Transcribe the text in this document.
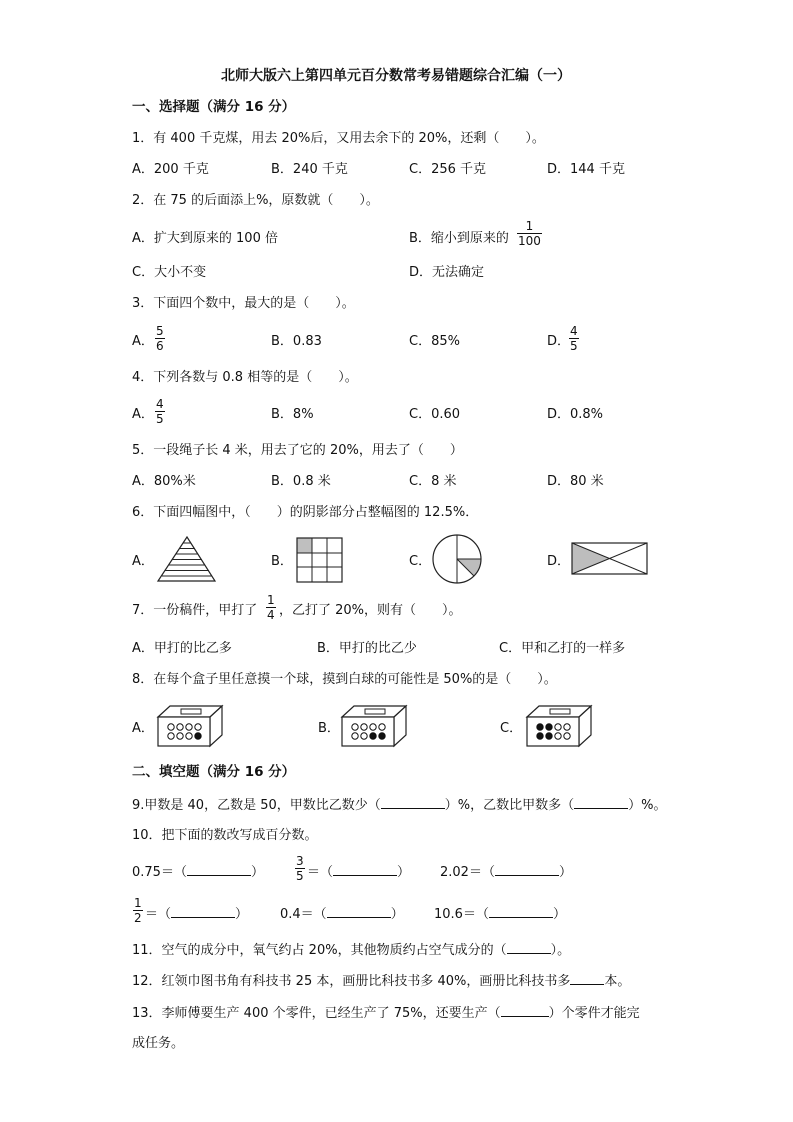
北师大版六上第四单元百分数常考易错题综合汇编（一）
一、选择题（满分 16 分）
1．有 400 千克煤，用去 20%后，又用去余下的 20%，还剩（　　）。
A．200 千克	B．240 千克	C．256 千克	D．144 千克
2．在 75 的后面添上%，原数就（　　）。
A．扩大到原来的 100 倍	B．缩小到原来的 $\frac{1}{100}$
C．大小不变	D．无法确定
3．下面四个数中，最大的是（　　）。
A． $\frac{5}{6}$	B．0.83	C．85%	D．
$\frac{4}{5}$
4．下列各数与 0.8 相等的是（　　）。
A． $\frac{4}{5}$	B．8%	C．0.60	D．0.8%
5．一段绳子长 4 米，用去了它的 20%，用去了（　　）
A．80%米	B．0.8 米	C．8 米	D．80 米
6．下面四幅图中，（　　）的阴影部分占整幅图的 12.5%．
A．	B．	C．	D．
7．一份稿件，甲打了 $\frac{1}{4}$ ，乙打了 20%，则有（　　）。
A．甲打的比乙多	B．甲打的比乙少	C．甲和乙打的一样多
8．在每个盒子里任意摸一个球，摸到白球的可能性是 50%的是（　　）。
A．	B．	C．
二、填空题（满分 16 分）
9.甲数是 40，乙数是 50，甲数比乙数少（	）%，乙数比甲数多（	）%。
10．把下面的数改写成百分数。
0.75＝（	）	$\frac{3}{5}$ ＝（	） 2.02＝（	）
$\frac{1}{2}$ ＝（	） 0.4＝（	） 10.6＝（	）
11．空气的成分中，氧气约占 20%，其他物质约占空气成分的（	）。
12．红领巾图书角有科技书 25 本，画册比科技书多 40%，画册比科技书多	本。
13．李师傅要生产 400 个零件，已经生产了 75%，还要生产（	）个零件才能完
成任务。
